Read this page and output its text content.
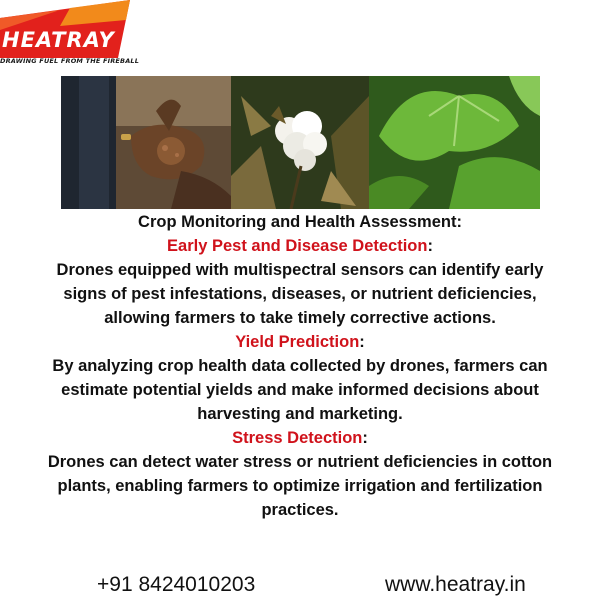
HEATRAY
DRAWING FUEL FROM THE FIREBALL

Crop Monitoring and Health Assessment:

Early Pest and Disease Detection:

Drones equipped with multispectral sensors can identify early signs of pest infestations, diseases, or nutrient deficiencies, allowing farmers to take timely corrective actions.

Yield Prediction:

By analyzing crop health data collected by drones, farmers can estimate potential yields and make informed decisions about harvesting and marketing.

Stress Detection:

Drones can detect water stress or nutrient deficiencies in cotton plants, enabling farmers to optimize irrigation and fertilization practices.

+91 8424010203	www.heatray.in
